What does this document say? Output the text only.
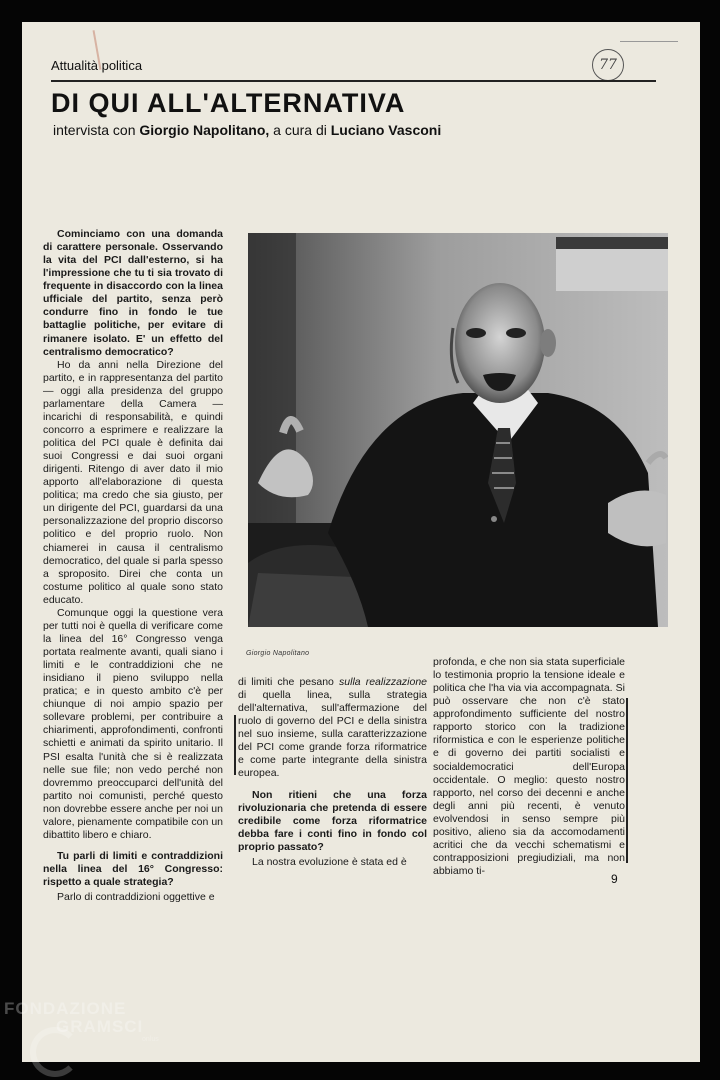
Attualità politica	77
DI QUI ALL'ALTERNATIVA
intervista con Giorgio Napolitano, a cura di Luciano Vasconi

Cominciamo con una domanda di carattere personale. Osservando la vita del PCI dall'esterno, si ha l'impressione che tu ti sia trovato di frequente in disaccordo con la linea ufficiale del partito, senza però condurre fino in fondo le tue battaglie politiche, per evitare di rimanere isolato. E' un effetto del centralismo democratico?

Ho da anni nella Direzione del partito, e in rappresentanza del partito — oggi alla presidenza del gruppo parlamentare della Camera — incarichi di responsabilità, e quindi concorro a esprimere e realizzare la politica del PCI quale è definita dai suoi Congressi e dai suoi organi dirigenti. Ritengo di aver dato il mio apporto all'elaborazione di questa politica; ma credo che sia giusto, per un dirigente del PCI, guardarsi da una personalizzazione del proprio discorso politico e del proprio ruolo. Non chiamerei in causa il centralismo democratico, del quale si parla spesso a sproposito. Direi che conta un costume politico al quale sono stato educato.

Comunque oggi la questione vera per tutti noi è quella di verificare come la linea del 16° Congresso venga portata realmente avanti, quali siano i limiti e le contraddizioni che ne insidiano il pieno sviluppo nella pratica; e in questo ambito c'è per chiunque di noi ampio spazio per sollevare problemi, per contribuire a chiarimenti, approfondimenti, confronti schietti e animati da spirito unitario. Il PSI esalta l'unità che si è realizzata nelle sue file; non vedo perché non dovremmo preoccuparci dell'unità del partito noi comunisti, perché questo non dovrebbe essere anche per noi un valore, pienamente compatibile con un dibattito libero e chiaro.

Tu parli di limiti e contraddizioni nella linea del 16° Congresso: rispetto a quale strategia?

Parlo di contraddizioni oggettive e

Giorgio Napolitano

di limiti che pesano sulla realizzazione di quella linea, sulla strategia dell'alternativa, sull'affermazione del ruolo di governo del PCI e della sinistra nel suo insieme, sulla caratterizzazione del PCI come grande forza riformatrice e come parte integrante della sinistra europea.

Non ritieni che una forza rivoluzionaria che pretenda di essere credibile come forza riformatrice debba fare i conti fino in fondo col proprio passato?

La nostra evoluzione è stata ed è

profonda, e che non sia stata superficiale lo testimonia proprio la tensione ideale e politica che l'ha via via accompagnata. Si può osservare che non c'è stato approfondimento sufficiente del nostro rapporto storico con la tradizione riformistica e con le esperienze politiche e di governo dei partiti socialisti e socialdemocratici dell'Europa occidentale. O meglio: questo nostro rapporto, nel corso dei decenni e anche degli anni più recenti, è venuto evolvendosi in senso sempre più positivo, alieno sia da accomodamenti acritici che da vecchi schematismi e contrapposizioni pregiudiziali, ma non abbiamo ti-

9
FONDAZIONE
GRAMSCI
onlus
